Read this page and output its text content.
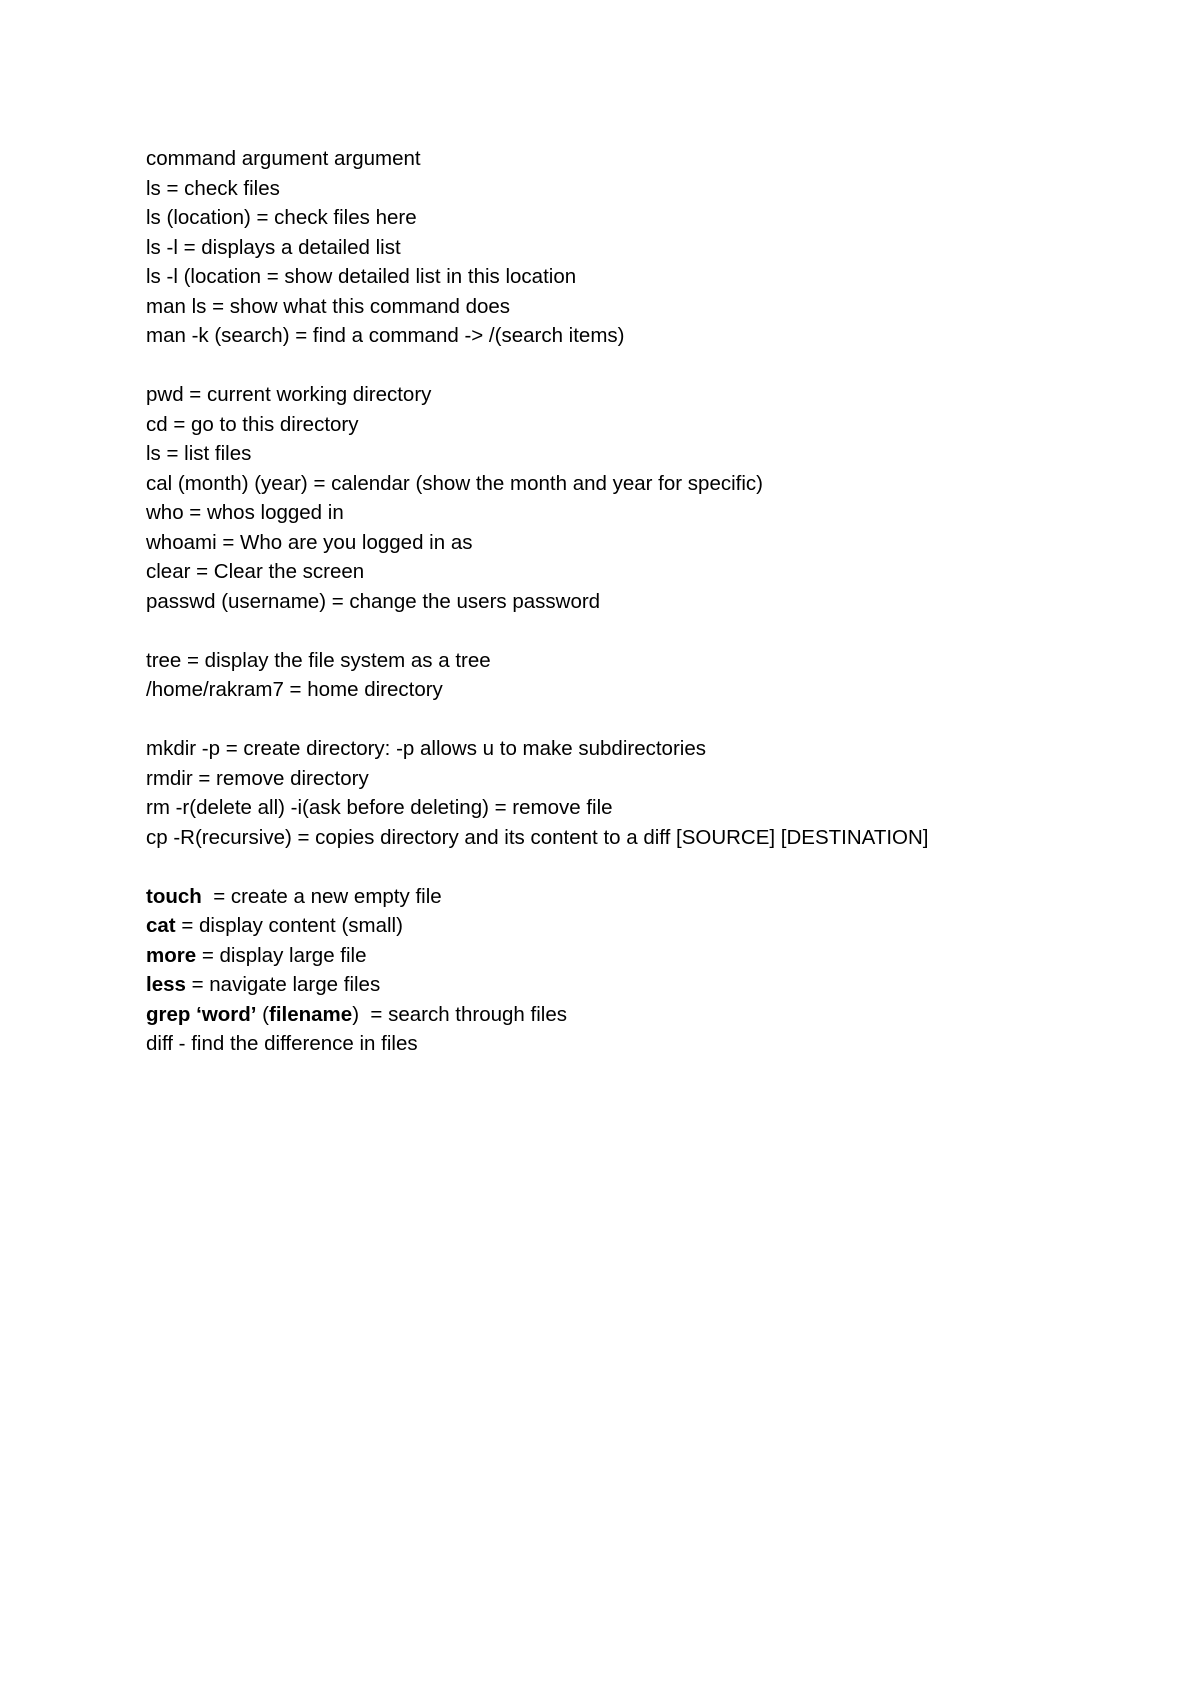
command argument argument
ls = check files
ls (location) = check files here
ls -l = displays a detailed list
ls -l (location = show detailed list in this location
man ls = show what this command does
man -k (search) = find a command -> /(search items)
pwd = current working directory
cd = go to this directory
ls = list files
cal (month) (year) = calendar (show the month and year for specific)
who = whos logged in
whoami = Who are you logged in as
clear = Clear the screen
passwd (username) = change the users password
tree = display the file system as a tree
/home/rakram7 = home directory
mkdir -p = create directory: -p allows u to make subdirectories
rmdir = remove directory
rm -r(delete all) -i(ask before deleting) = remove file
cp -R(recursive) = copies directory and its content to a diff [SOURCE] [DESTINATION]
touch  = create a new empty file
cat = display content (small)
more = display large file
less = navigate large files
grep ‘word’ (filename)  = search through files
diff - find the difference in files
